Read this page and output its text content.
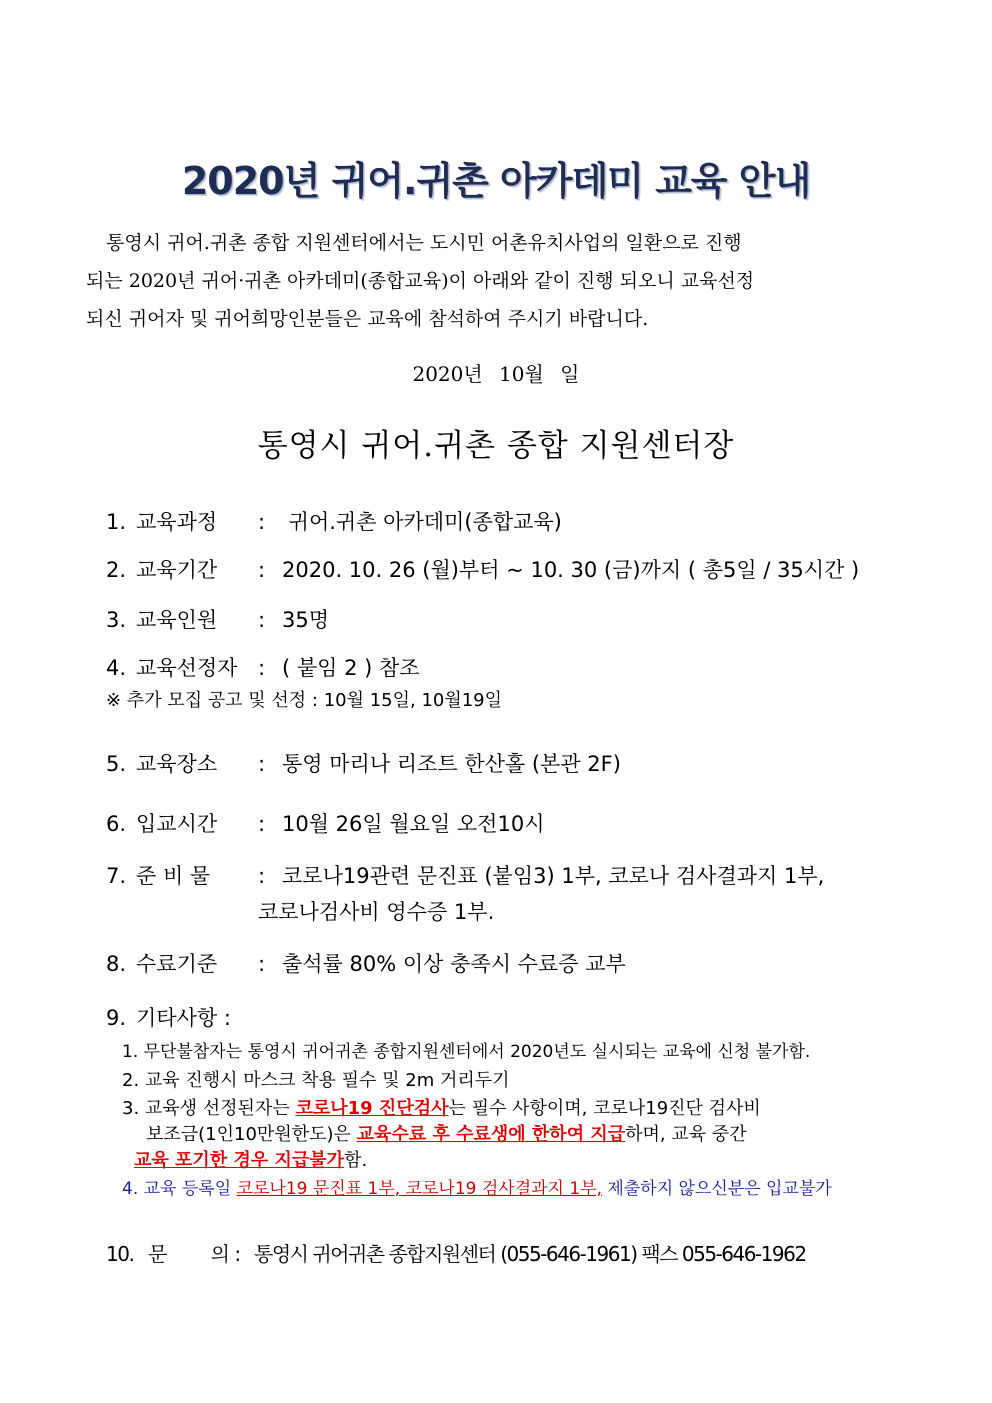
2020년 귀어.귀촌 아카데미 교육 안내
통영시 귀어.귀촌 종합 지원센터에서는 도시민 어촌유치사업의 일환으로 진행
되는 2020년 귀어·귀촌 아카데미(종합교육)이 아래와 같이 진행 되오니 교육선정
되신 귀어자 및 귀어희망인분들은 교육에 참석하여 주시기 바랍니다.
2020년 10월 일
통영시 귀어.귀촌 종합 지원센터장
1. 교육과정 : 귀어.귀촌 아카데미(종합교육)
2. 교육기간 : 2020. 10. 26 (월)부터 ~ 10. 30 (금)까지 ( 총5일 / 35시간 )
3. 교육인원 : 35명
4. 교육선정자 : ( 붙임 2 ) 참조
※ 추가 모집 공고 및 선정 : 10월 15일, 10월19일
5. 교육장소 : 통영 마리나 리조트 한산홀 (본관 2F)
6. 입교시간 : 10월 26일 월요일 오전10시
7. 준 비 물 : 코로나19관련 문진표 (붙임3) 1부, 코로나 검사결과지 1부,
코로나검사비 영수증 1부.
8. 수료기준 : 출석률 80% 이상 충족시 수료증 교부
9. 기타사항 :
1. 무단불참자는 통영시 귀어귀촌 종합지원센터에서 2020년도 실시되는 교육에 신청 불가함.
2. 교육 진행시 마스크 착용 필수 및 2m 거리두기
3. 교육생 선정된자는 코로나19 진단검사는 필수 사항이며, 코로나19진단 검사비
보조금(1인10만원한도)은 교육수료 후 수료생에 한하여 지급하며, 교육 중간
교육 포기한 경우 지급불가함.
4. 교육 등록일 코로나19 문진표 1부, 코로나19 검사결과지 1부, 제출하지 않으신분은 입교불가
10. 문 의 : 통영시 귀어귀촌 종합지원센터 (055-646-1961) 팩스 055-646-1962
